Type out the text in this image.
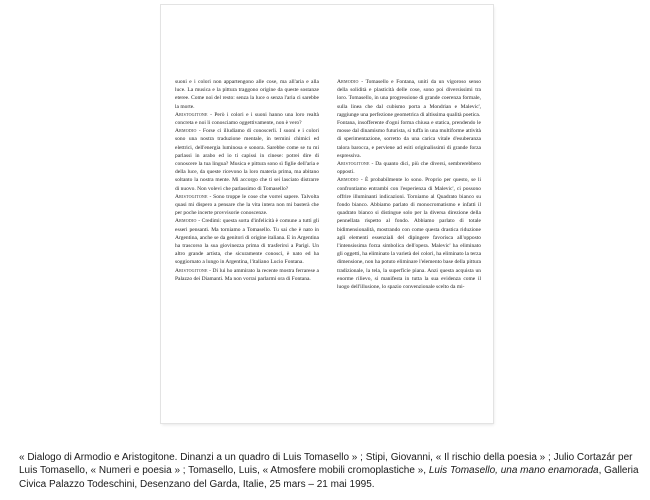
suoni e i colori non appartengono alle cose, ma all'aria e alla luce. La musica e la pittura traggono origine da queste sostanze eteree. Come noi del resto: senza la luce o senza l'aria ci sarebbe la morte.

Aristogitone - Però i colori e i suoni hanno una loro realtà concreta e noi li conosciamo oggettivamente, non è vero?

Armodio - Forse ci illudiamo di conoscerli. I suoni e i colori sono una nostra traduzione mentale, in termini chimici ed elettrici, dell'energia luminosa e sonora. Sarebbe come se tu mi parlassi in arabo ed io ti capissi in cinese: potrei dire di conoscere la tua lingua? Musica e pittura sono sì figlie dell'aria e della luce, da queste ricevono la loro materia prima, ma abitano soltanto la nostra mente. Mi accorgo che ti sei lasciato distrarre di nuovo. Non volevi che parlassimo di Tomasello?

Aristogitone - Sono troppe le cose che vorrei sapere. Talvolta quasi mi dispero a pensare che la vita intera non mi basterà che per poche incerte provvisorie conoscenze.

Armodio - Credimi: questa sorta d'infelicità è comune a tutti gli esseri pensanti. Ma torniamo a Tomasello. Tu sai che è nato in Argentina, anche se da genitori di origine italiana. E in Argentina ha trascorso la sua giovinezza prima di trasferirsi a Parigi. Un altro grande artista, che sicuramente conosci, è nato ed ha soggiornato a lungo in Argentina, l'italiano Lucio Fontana.

Aristogitone - Di lui ho ammirato la recente mostra ferrarese a Palazzo dei Diamanti. Ma non vorrai parlarmi ora di Fontana.

Armodio - Tomasello e Fontana, uniti da un vigoroso senso della solidità e plasticità delle cose, sono poi diversissimi tra loro. Tomasello, in una progressione di grande coerenza formale, sulla linea che dal cubismo porta a Mondrian e Malevic', raggiunge una perfezione geometrica di altissima qualità poetica.

Fontana, insofferente d'ogni forma chiusa e statica, prendendo le mosse dal dinamismo futurista, si tuffa in una multiforme attività di sperimentazione, sorretto da una carica vitale d'esuberanza talora barocca, e perviene ad esiti originalissimi di grande forza espressiva.

Aristogitone - Da quanto dici, più che diversi, sembrerebbero opposti.

Armodio - È probabilmente lo sono. Proprio per questo, se li confrontiamo entrambi con l'esperienza di Malevic', ci possono offrire illuminanti indicazioni. Torniamo al Quadrato bianco su fondo bianco. Abbiamo parlato di monocromatismo e infatti il quadrato bianco si distingue solo per la diversa direzione della pennellata rispetto al fondo. Abbiamo parlato di totale bidimensionalità, mostrando con come questa drastica riduzione agli elementi essenziali del dipingere favorisca all'opposto l'intensissima forza simbolica dell'opera. Malevic' ha eliminato gli oggetti, ha eliminato la varietà dei colori, ha eliminato la terza dimensione, non ha potuto eliminare l'elemento base della pittura tradizionale, la tela, la superficie piana. Anzi questa acquista un enorme rilievo, si manifesta in tutta la sua evidenza come il luogo dell'illusione, lo spazio convenzionale scelto da mi-

« Dialogo di Armodio e Aristogitone. Dinanzi a un quadro di Luis Tomasello » ; Stipi, Giovanni, « Il rischio della poesia » ; Julio Cortazár per Luis Tomasello, « Numeri e poesia » ; Tomasello, Luis, « Atmosfere mobili cromoplastiche », Luis Tomasello, una mano enamorada, Galleria Civica Palazzo Todeschini, Desenzano del Garda, Italie, 25 mars – 21 mai 1995.
